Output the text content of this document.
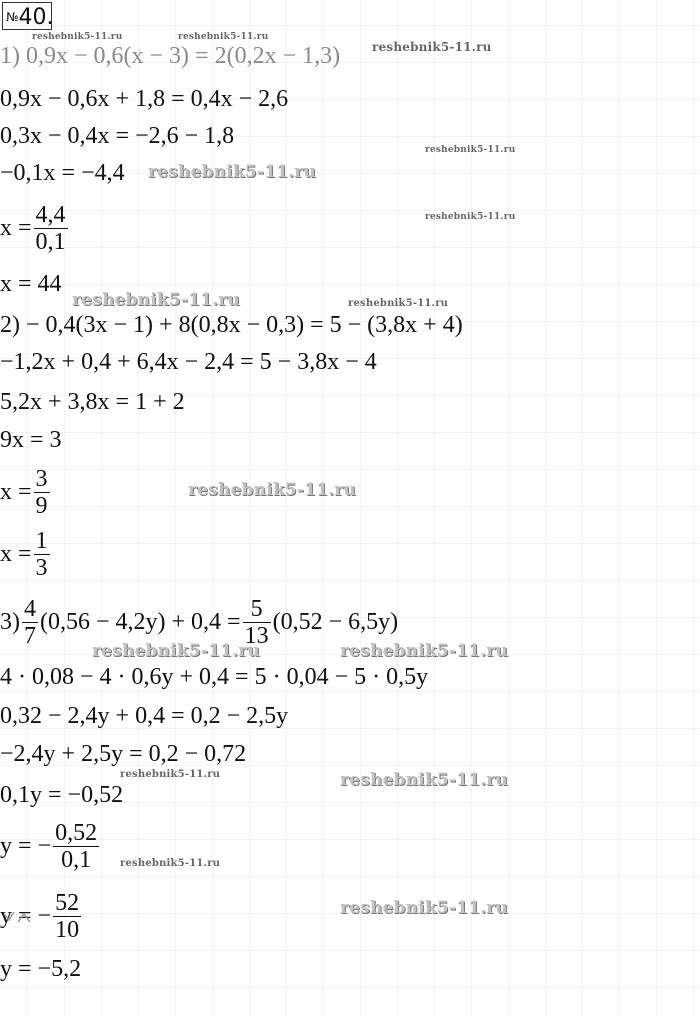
№40.
1) 0,9x − 0,6(x − 3) = 2(0,2x − 1,3)
0,9x − 0,6x + 1,8 = 0,4x − 2,6
0,3x − 0,4x = −2,6 − 1,8
−0,1x = −4,4
$x = \frac{4,4}{0,1}$
x = 44
2) − 0,4(3x − 1) + 8(0,8x − 0,3) = 5 − (3,8x + 4)
−1,2x + 0,4 + 6,4x − 2,4 = 5 − 3,8x − 4
5,2x + 3,8x = 1 + 2
9x = 3
$x = \frac{3}{9}$
$x = \frac{1}{3}$
$3) \frac{4}{7} (0,56 - 4,2y) + 0,4 = \frac{5}{13} (0,52 - 6,5y)$
4 · 0,08 − 4 · 0,6y + 0,4 = 5 · 0,04 − 5 · 0,5y
0,32 − 2,4y + 0,4 = 0,2 − 2,5y
−2,4y + 2,5y = 0,2 − 0,72
0,1y = −0,52
y = − $\frac{0,52}{0,1}$
y = − $\frac{52}{10}$
y = −5,2
reshebnik5-11.ru	reshebnik5-11.ru
reshebnik5-11.ru
reshebnik5-11.ru
reshebnik5-11.ru
reshebnik5-11.ru
reshebnik5-11.ru	reshebnik5-11.ru
reshebnik5-11.ru
reshebnik5-11.ru	reshebnik5-11.ru
reshebnik5-11.ru	reshebnik5-11.ru
reshebnik5-11.ru
reshebnik5-11.ru
